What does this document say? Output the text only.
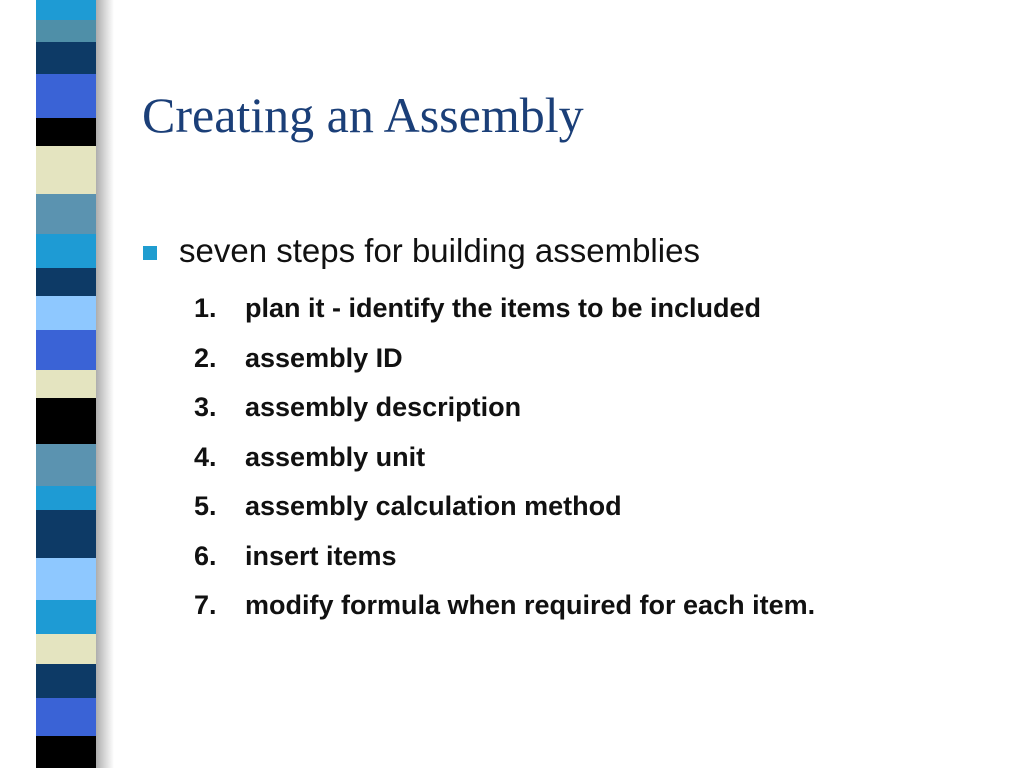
Creating an Assembly
seven steps for building assemblies
1.	plan it - identify the items to be included
2.	assembly ID
3.	assembly description
4.	assembly unit
5.	assembly calculation method
6.	insert items
7.	modify formula when required for each item.
